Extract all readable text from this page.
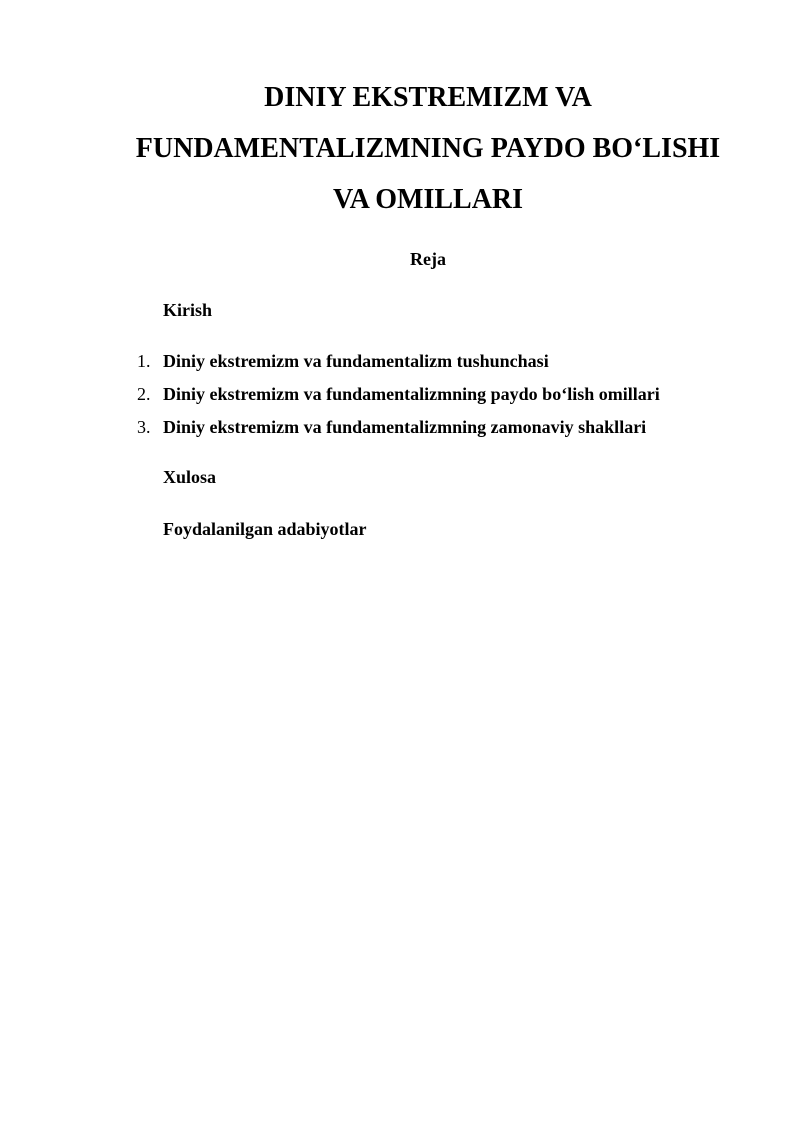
DINIY EKSTREMIZM VA
FUNDAMENTALIZMNING PAYDO BO‘LISHI
VA OMILLARI
Reja
Kirish
1. Diniy ekstremizm va fundamentalizm tushunchasi
2. Diniy ekstremizm va fundamentalizmning paydo bo‘lish omillari
3. Diniy ekstremizm va fundamentalizmning zamonaviy shakllari
Xulosa
Foydalanilgan adabiyotlar
